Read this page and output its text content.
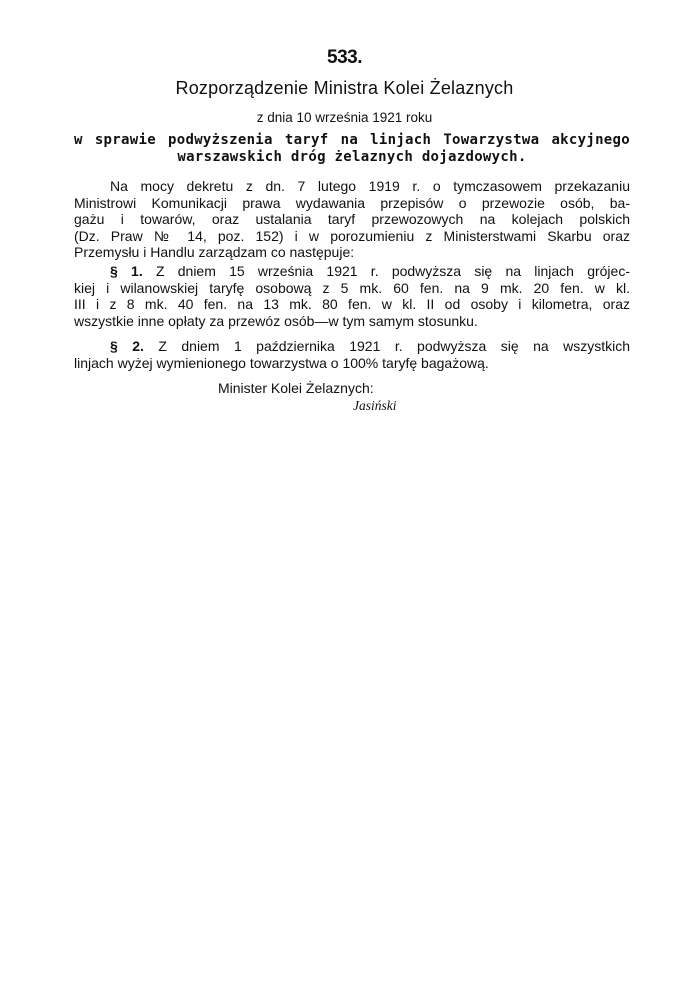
533.
Rozporządzenie Ministra Kolei Żelaznych
z dnia 10 września 1921 roku
w sprawie podwyższenia taryf na linjach Towarzystwa akcyjnego
warszawskich dróg żelaznych dojazdowych.
Na mocy dekretu z dn. 7 lutego 1919 r. o tymczasowem przekazaniu
Ministrowi Komunikacji prawa wydawania przepisów o przewozie osób, ba-
gażu i towarów, oraz ustalania taryf przewozowych na kolejach polskich
(Dz. Praw № 14, poz. 152) i w porozumieniu z Ministerstwami Skarbu oraz
Przemysłu i Handlu zarządzam co następuje:
§ 1. Z dniem 15 września 1921 r. podwyższa się na linjach grójec-
kiej i wilanowskiej taryfę osobową z 5 mk. 60 fen. na 9 mk. 20 fen. w kl.
III i z 8 mk. 40 fen. na 13 mk. 80 fen. w kl. II od osoby i kilometra, oraz
wszystkie inne opłaty za przewóz osób—w tym samym stosunku.
§ 2. Z dniem 1 października 1921 r. podwyższa się na wszystkich
linjach wyżej wymienionego towarzystwa o 100% taryfę bagażową.
Minister Kolei Żelaznych:
Jasiński
